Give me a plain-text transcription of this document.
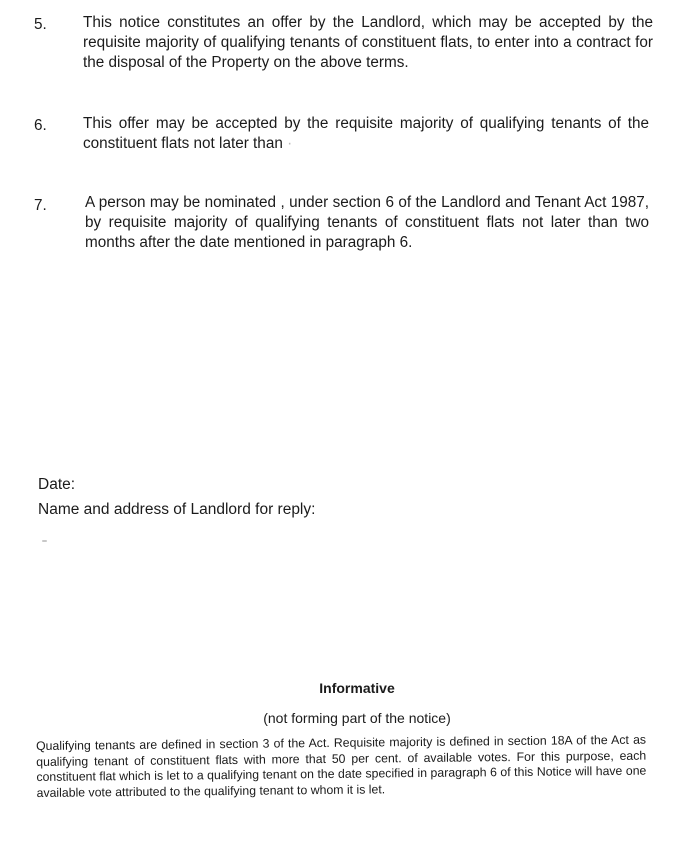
5.	This notice constitutes an offer by the Landlord, which may be accepted by the requisite majority of qualifying tenants of constituent flats, to enter into a contract for the disposal of the Property on the above terms.
6.	This offer may be accepted by the requisite majority of qualifying tenants of the constituent flats not later than ·
7.	A person may be nominated , under section 6 of the Landlord and Tenant Act 1987, by requisite majority of qualifying tenants of constituent flats not later than two months after the date mentioned in paragraph 6.
Date:
Name and address of Landlord for reply:
Informative
(not forming part of the notice)
Qualifying tenants are defined in section 3 of the Act. Requisite majority is defined in section 18A of the Act as qualifying tenant of constituent flats with more that 50 per cent. of available votes. For this purpose, each constituent flat which is let to a qualifying tenant on the date specified in paragraph 6 of this Notice will have one available vote attributed to the qualifying tenant to whom it is let.
